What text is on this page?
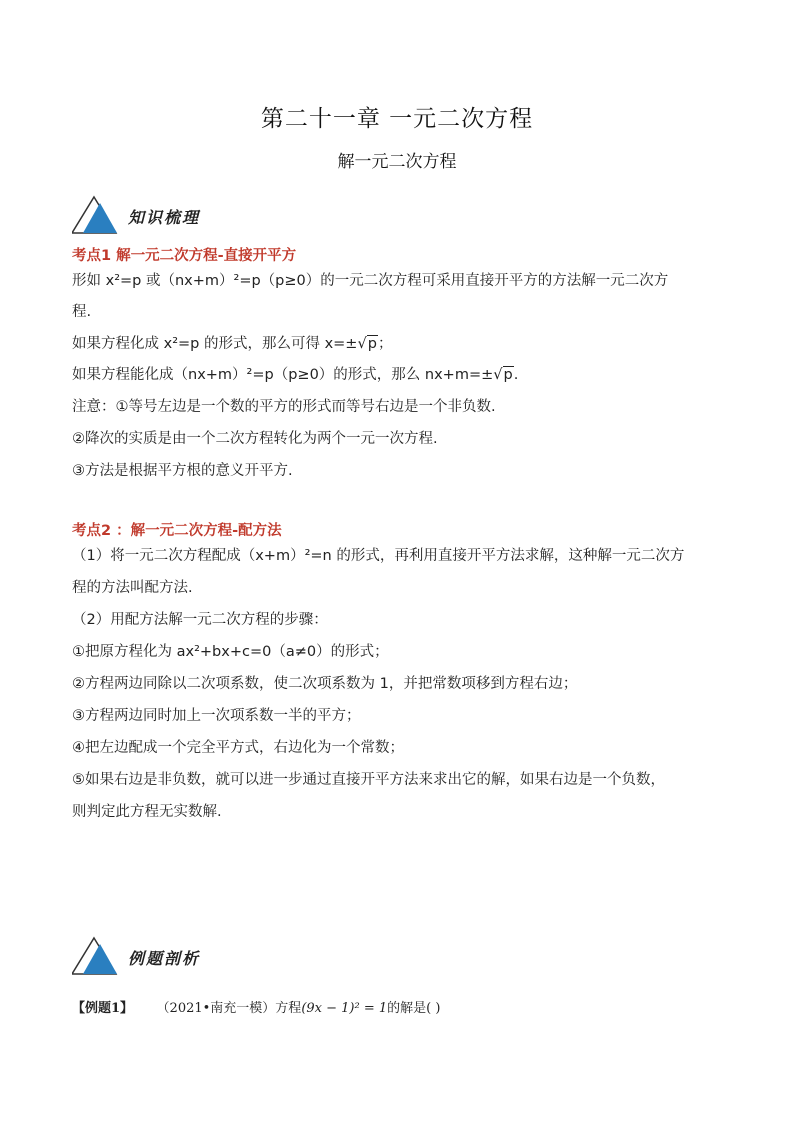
第二十一章 一元二次方程
解一元二次方程
知识梳理
考点1 解一元二次方程-直接开平方
形如 x²=p 或（nx+m）²=p（p≥0）的一元二次方程可采用直接开平方的方法解一元二次方
程.
如果方程化成 x²=p 的形式，那么可得 x=±√p；
如果方程能化成（nx+m）²=p（p≥0）的形式，那么 nx+m=±√p.
注意：①等号左边是一个数的平方的形式而等号右边是一个非负数.
②降次的实质是由一个二次方程转化为两个一元一次方程.
③方法是根据平方根的意义开平方.
考点2 ：解一元二次方程-配方法
（1）将一元二次方程配成（x+m）²=n 的形式，再利用直接开平方法求解，这种解一元二次方
程的方法叫配方法.
（2）用配方法解一元二次方程的步骤：
①把原方程化为 ax²+bx+c=0（a≠0）的形式；
②方程两边同除以二次项系数，使二次项系数为 1，并把常数项移到方程右边；
③方程两边同时加上一次项系数一半的平方；
④把左边配成一个完全平方式，右边化为一个常数；
⑤如果右边是非负数，就可以进一步通过直接开平方法来求出它的解，如果右边是一个负数，
则判定此方程无实数解.
例题剖析
【例题1】 （2021•南充一模）方程(9x − 1)² = 1的解是( )
